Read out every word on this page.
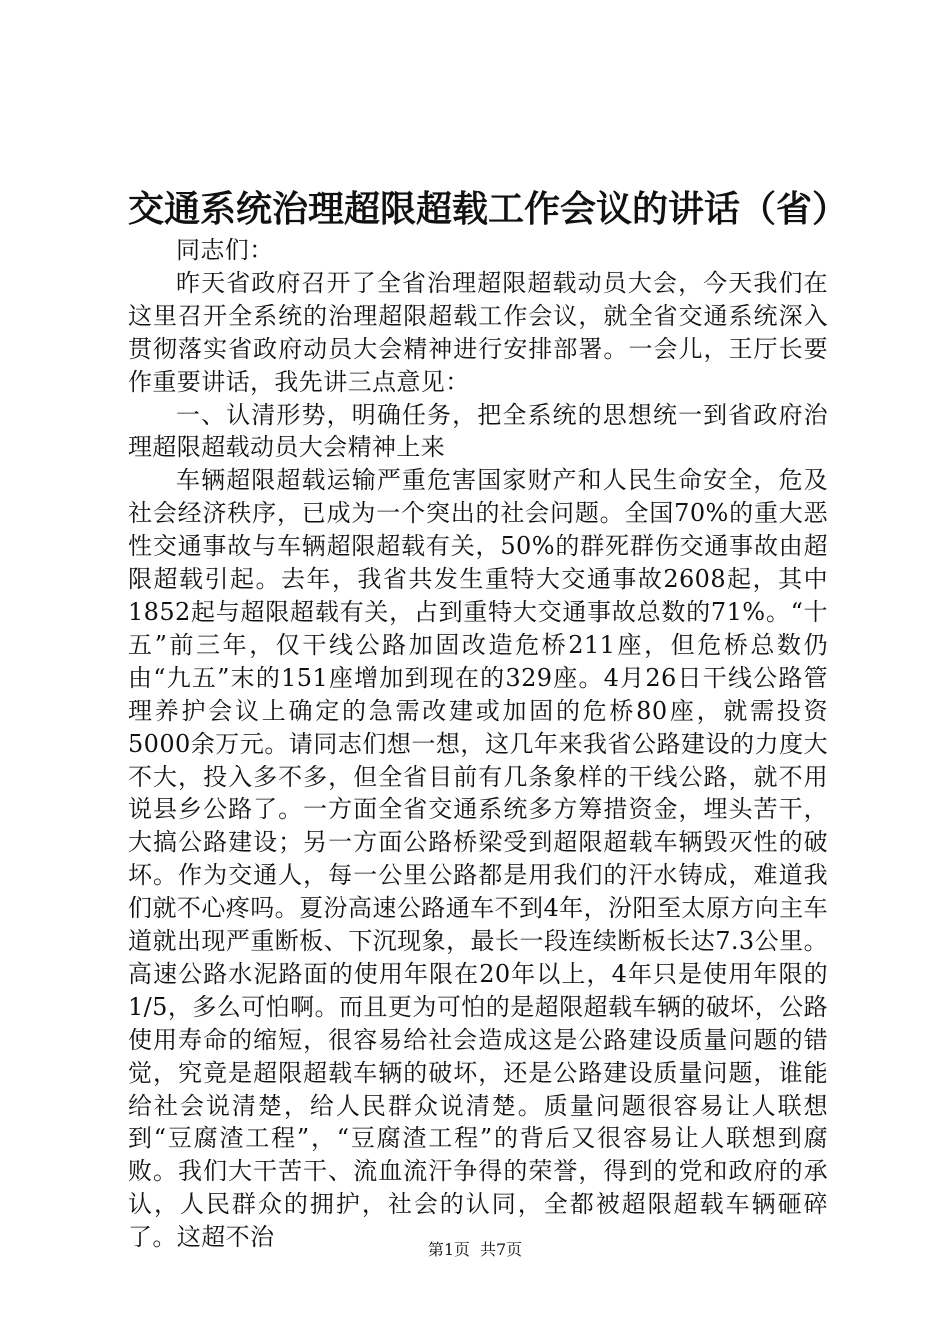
交通系统治理超限超载工作会议的讲话（省）

同志们：

昨天省政府召开了全省治理超限超载动员大会，今天我们在这里召开全系统的治理超限超载工作会议，就全省交通系统深入贯彻落实省政府动员大会精神进行安排部署。一会儿，王厅长要作重要讲话，我先讲三点意见：

一、认清形势，明确任务，把全系统的思想统一到省政府治理超限超载动员大会精神上来

车辆超限超载运输严重危害国家财产和人民生命安全，危及社会经济秩序，已成为一个突出的社会问题。全国70%的重大恶性交通事故与车辆超限超载有关，50%的群死群伤交通事故由超限超载引起。去年，我省共发生重特大交通事故2608起，其中1852起与超限超载有关，占到重特大交通事故总数的71%。“十五”前三年，仅干线公路加固改造危桥211座，但危桥总数仍由“九五”末的151座增加到现在的329座。4月26日干线公路管理养护会议上确定的急需改建或加固的危桥80座，就需投资5000余万元。请同志们想一想，这几年来我省公路建设的力度大不大，投入多不多，但全省目前有几条象样的干线公路，就不用说县乡公路了。一方面全省交通系统多方筹措资金，埋头苦干，大搞公路建设；另一方面公路桥梁受到超限超载车辆毁灭性的破坏。作为交通人，每一公里公路都是用我们的汗水铸成，难道我们就不心疼吗。夏汾高速公路通车不到4年，汾阳至太原方向主车道就出现严重断板、下沉现象，最长一段连续断板长达7.3公里。高速公路水泥路面的使用年限在20年以上，4年只是使用年限的1/5，多么可怕啊。而且更为可怕的是超限超载车辆的破坏，公路使用寿命的缩短，很容易给社会造成这是公路建设质量问题的错觉，究竟是超限超载车辆的破坏，还是公路建设质量问题，谁能给社会说清楚，给人民群众说清楚。质量问题很容易让人联想到“豆腐渣工程”，“豆腐渣工程”的背后又很容易让人联想到腐败。我们大干苦干、流血流汗争得的荣誉，得到的党和政府的承认，人民群众的拥护，社会的认同，全都被超限超载车辆砸碎了。这超不治	第1页 共7页
